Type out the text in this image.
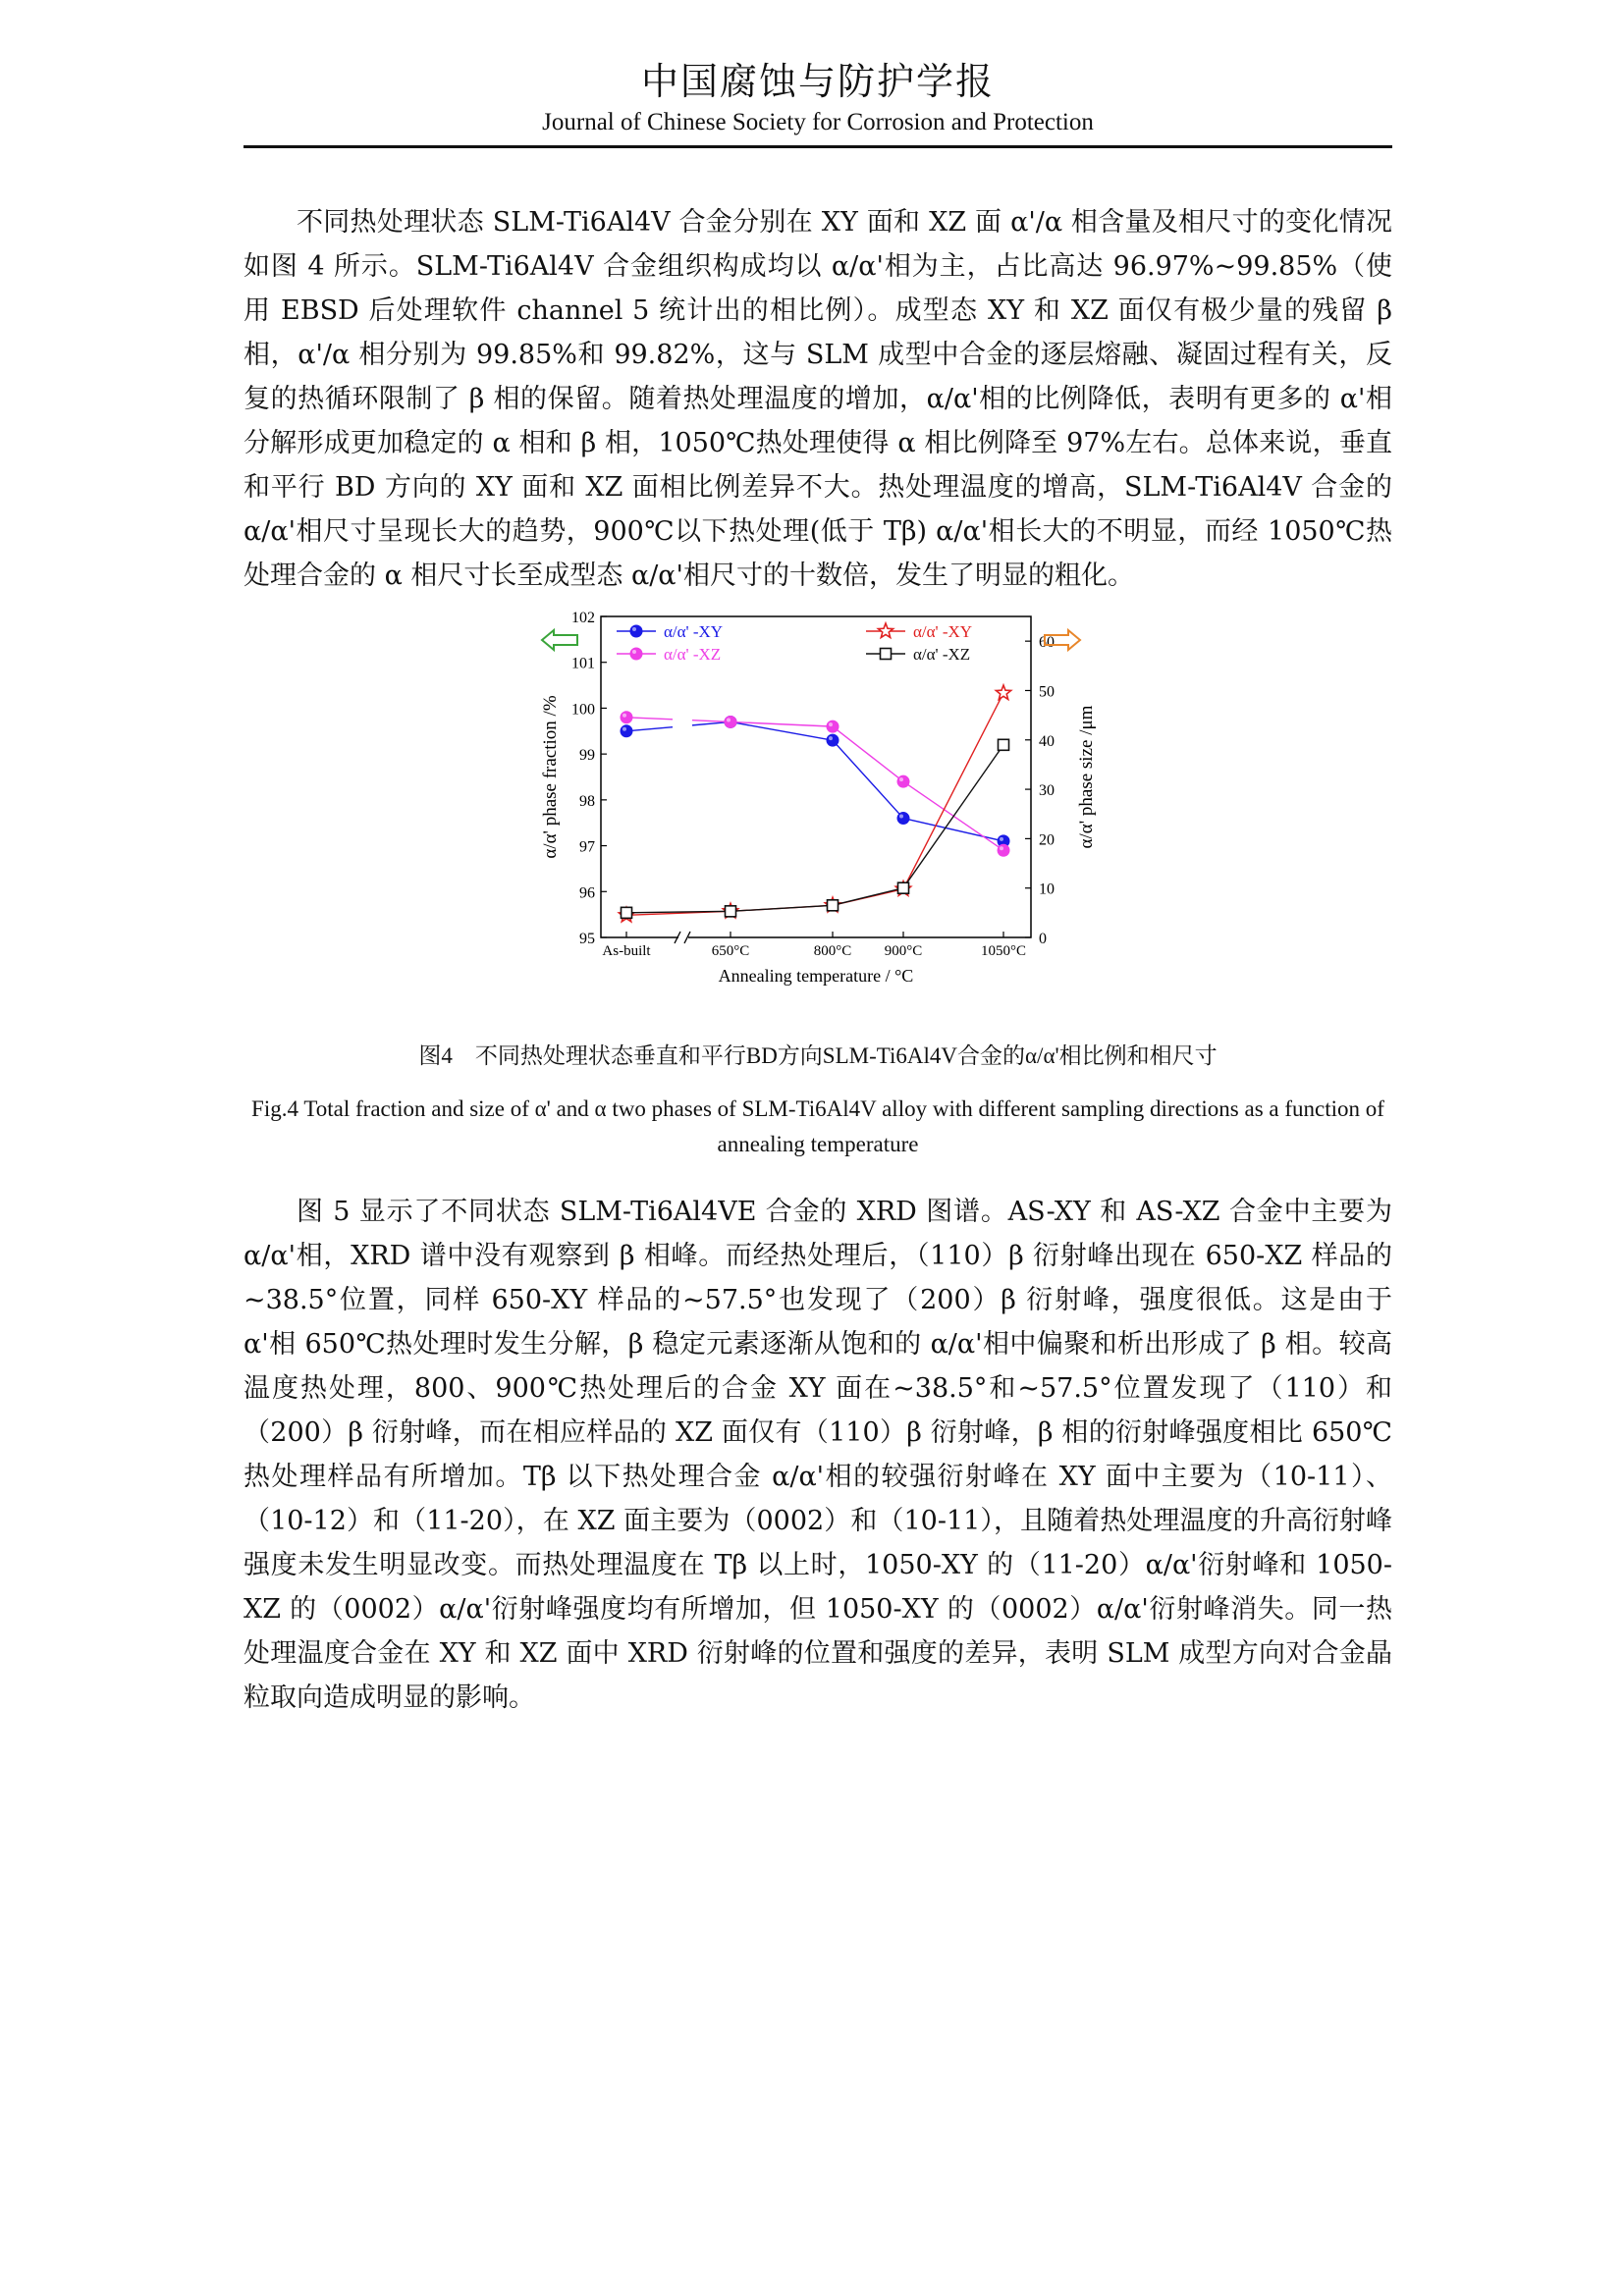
中国腐蚀与防护学报
Journal of Chinese Society for Corrosion and Protection

不同热处理状态 SLM-Ti6Al4V 合金分别在 XY 面和 XZ 面 α'/α 相含量及相尺寸的变化情况如图 4 所示。SLM-Ti6Al4V 合金组织构成均以 α/α'相为主，占比高达 96.97%~99.85%（使用 EBSD 后处理软件 channel 5 统计出的相比例）。成型态 XY 和 XZ 面仅有极少量的残留 β 相，α'/α 相分别为 99.85%和 99.82%，这与 SLM 成型中合金的逐层熔融、凝固过程有关，反复的热循环限制了 β 相的保留。随着热处理温度的增加，α/α'相的比例降低，表明有更多的 α'相分解形成更加稳定的 α 相和 β 相，1050℃热处理使得 α 相比例降至 97%左右。总体来说，垂直和平行 BD 方向的 XY 面和 XZ 面相比例差异不大。热处理温度的增高，SLM-Ti6Al4V 合金的 α/α'相尺寸呈现长大的趋势，900℃以下热处理(低于 Tβ) α/α'相长大的不明显，而经 1050℃热处理合金的 α 相尺寸长至成型态 α/α'相尺寸的十数倍，发生了明显的粗化。

95
96
97
98
99
100
101
102
0
10
20
30
40
50
60
As-built	650°C	800°C 900°C	1050°C
Annealing temperature / °C
α/α' phase fraction /%	α/α' phase size /μm
α/α' -XY
α/α' -XZ
α/α' -XY
α/α' -XZ
图4　不同热处理状态垂直和平行BD方向SLM-Ti6Al4V合金的α/α'相比例和相尺寸
Fig.4 Total fraction and size of α' and α two phases of SLM-Ti6Al4V alloy with different sampling directions as a function of annealing temperature

图 5 显示了不同状态 SLM-Ti6Al4VE 合金的 XRD 图谱。AS-XY 和 AS-XZ 合金中主要为 α/α'相，XRD 谱中没有观察到 β 相峰。而经热处理后，（110）β 衍射峰出现在 650-XZ 样品的~38.5°位置，同样 650-XY 样品的~57.5°也发现了（200）β 衍射峰，强度很低。这是由于 α'相 650℃热处理时发生分解，β 稳定元素逐渐从饱和的 α/α'相中偏聚和析出形成了 β 相。较高温度热处理，800、900℃热处理后的合金 XY 面在~38.5°和~57.5°位置发现了（110）和（200）β 衍射峰，而在相应样品的 XZ 面仅有（110）β 衍射峰，β 相的衍射峰强度相比 650℃热处理样品有所增加。Tβ 以下热处理合金 α/α'相的较强衍射峰在 XY 面中主要为（10-11）、（10-12）和（11-20），在 XZ 面主要为（0002）和（10-11），且随着热处理温度的升高衍射峰强度未发生明显改变。而热处理温度在 Tβ 以上时，1050-XY 的（11-20）α/α'衍射峰和 1050-XZ 的（0002）α/α'衍射峰强度均有所增加，但 1050-XY 的（0002）α/α'衍射峰消失。同一热处理温度合金在 XY 和 XZ 面中 XRD 衍射峰的位置和强度的差异，表明 SLM 成型方向对合金晶粒取向造成明显的影响。
